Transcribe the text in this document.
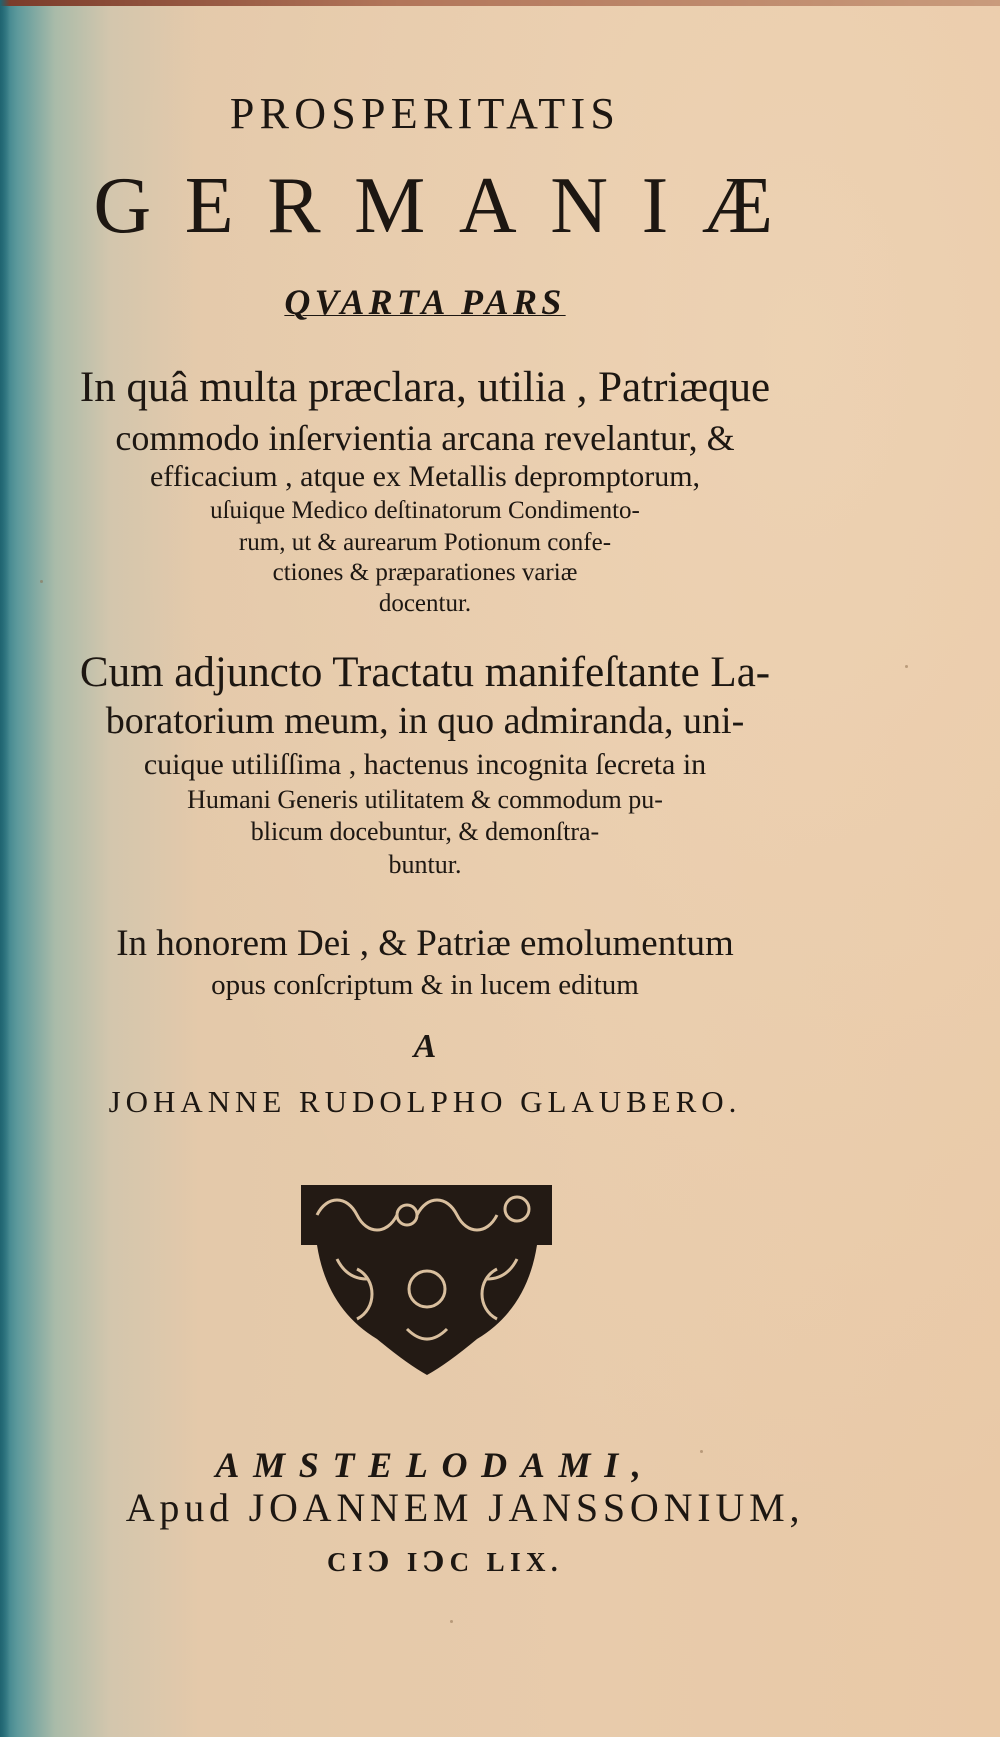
PROSPERITATIS
GERMANIÆ
QVARTA PARS
In quâ multa præclara, utilia , Patriæque
commodo inſervientia arcana revelantur, &
efficacium , atque ex Metallis depromptorum,
uſuique Medico deſtinatorum Condimento-
rum, ut & aurearum Potionum confe-
ctiones & præparationes variæ
docentur.
Cum adjuncto Tractatu manifeſtante La-
boratorium meum, in quo admiranda, uni-
cuique utiliſſima , hactenus incognita ſecreta in
Humani Generis utilitatem & commodum pu-
blicum docebuntur, & demonſtra-
buntur.
In honorem Dei , & Patriæ emolumentum
opus conſcriptum & in lucem editum
A
JOHANNE RUDOLPHO GLAUBERO.
AMSTELODAMI,
Apud JOANNEM JANSSONIUM,
CIↃ IↃC LIX.
